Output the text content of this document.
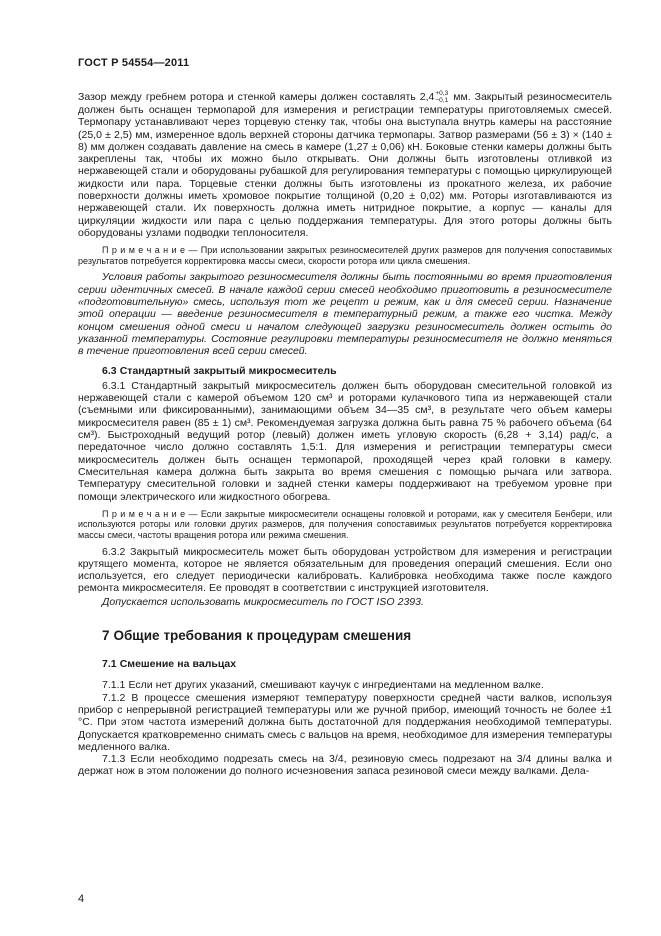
ГОСТ Р 54554—2011

Зазор между гребнем ротора и стенкой камеры должен составлять 2,4 +0,3
−0,1 мм. Закрытый резиносмеситель должен быть оснащен термопарой для измерения и регистрации температуры приготовляемых смесей. Термопару устанавливают через торцевую стенку так, чтобы она выступала внутрь камеры на расстояние (25,0 ± 2,5) мм, измеренное вдоль верхней стороны датчика термопары. Затвор размерами (56 ± 3) × (140 ± 8) мм должен создавать давление на смесь в камере (1,27 ± 0,06) кН. Боковые стенки камеры должны быть закреплены так, чтобы их можно было открывать. Они должны быть изготовлены отливкой из нержавеющей стали и оборудованы рубашкой для регулирования температуры с помощью циркулирующей жидкости или пара. Торцевые стенки должны быть изготовлены из прокатного железа, их рабочие поверхности должны иметь хромовое покрытие толщиной (0,20 ± 0,02) мм. Роторы изготавливаются из нержавеющей стали. Их поверхность должна иметь нитридное покрытие, а корпус — каналы для циркуляции жидкости или пара с целью поддержания температуры. Для этого роторы должны быть оборудованы узлами подводки теплоносителя.

П р и м е ч а н и е — При использовании закрытых резиносмесителей других размеров для получения сопоставимых результатов потребуется корректировка массы смеси, скорости ротора или цикла смешения.

Условия работы закрытого резиносмесителя должны быть постоянными во время приготовления серии идентичных смесей. В начале каждой серии смесей необходимо приготовить в резиносмесителе «подготовительную» смесь, используя тот же рецепт и режим, как и для смесей серии. Назначение этой операции — введение резиносмесителя в температурный режим, а также его чистка. Между концом смешения одной смеси и началом следующей загрузки резиносмеситель должен остыть до указанной температуры. Состояние регулировки температуры резиносмесителя не должно меняться в течение приготовления всей серии смесей.

6.3 Стандартный закрытый микросмеситель

6.3.1 Стандартный закрытый микросмеситель должен быть оборудован смесительной головкой из нержавеющей стали с камерой объемом 120 см³ и роторами кулачкового типа из нержавеющей стали (съемными или фиксированными), занимающими объем 34—35 см³, в результате чего объем камеры микросмесителя равен (85 ± 1) см³. Рекомендуемая загрузка должна быть равна 75 % рабочего объема (64 см³). Быстроходный ведущий ротор (левый) должен иметь угловую скорость (6,28 + 3,14) рад/с, а передаточное число должно составлять 1,5:1. Для измерения и регистрации температуры смеси микросмеситель должен быть оснащен термопарой, проходящей через край головки в камеру. Смесительная камера должна быть закрыта во время смешения с помощью рычага или затвора. Температуру смесительной головки и задней стенки камеры поддерживают на требуемом уровне при помощи электрического или жидкостного обогрева.

П р и м е ч а н и е — Если закрытые микросмесители оснащены головкой и роторами, как у смесителя Бенбери, или используются роторы или головки других размеров, для получения сопоставимых результатов потребуется корректировка массы смеси, частоты вращения ротора или режима смешения.

6.3.2 Закрытый микросмеситель может быть оборудован устройством для измерения и регистрации крутящего момента, которое не является обязательным для проведения операций смешения. Если оно используется, его следует периодически калибровать. Калибровка необходима также после каждого ремонта микросмесителя. Ее проводят в соответствии с инструкцией изготовителя.

Допускается использовать микросмеситель по ГОСТ ISO 2393.

7 Общие требования к процедурам смешения

7.1 Смешение на вальцах

7.1.1 Если нет других указаний, смешивают каучук с ингредиентами на медленном валке.

7.1.2 В процессе смешения измеряют температуру поверхности средней части валков, используя прибор с непрерывной регистрацией температуры или же ручной прибор, имеющий точность не более ±1 °С. При этом частота измерений должна быть достаточной для поддержания необходимой температуры. Допускается кратковременно снимать смесь с вальцов на время, необходимое для измерения температуры медленного валка.

7.1.3 Если необходимо подрезать смесь на 3/4, резиновую смесь подрезают на 3/4 длины валка и держат нож в этом положении до полного исчезновения запаса резиновой смеси между валками. Дела-

4
